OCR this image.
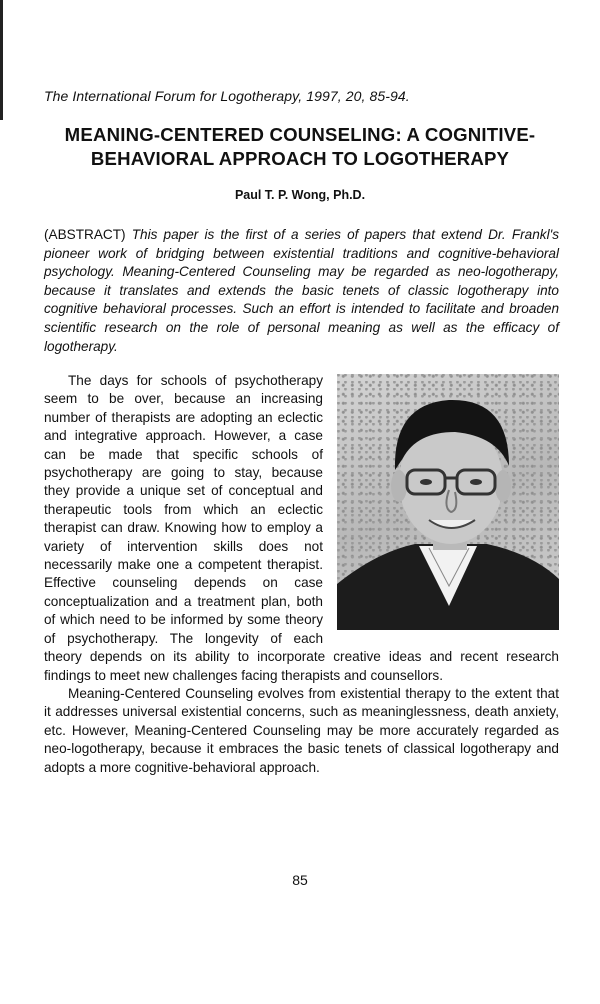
The International Forum for Logotherapy, 1997, 20, 85-94.
MEANING-CENTERED COUNSELING: A COGNITIVE-BEHAVIORAL APPROACH TO LOGOTHERAPY
Paul T. P. Wong, Ph.D.
(ABSTRACT) This paper is the first of a series of papers that extend Dr. Frankl's pioneer work of bridging between existential traditions and cognitive-behavioral psychology. Meaning-Centered Counseling may be regarded as neo-logotherapy, because it translates and extends the basic tenets of classic logotherapy into cognitive behavioral processes. Such an effort is intended to facilitate and broaden scientific research on the role of personal meaning as well as the efficacy of logotherapy.

The days for schools of psychotherapy seem to be over, because an increasing number of therapists are adopting an eclectic and integrative approach. However, a case can be made that specific schools of psychotherapy are going to stay, because they provide a unique set of conceptual and therapeutic tools from which an eclectic therapist can draw. Knowing how to employ a variety of intervention skills does not necessarily make one a competent therapist. Effective counseling depends on case conceptualization and a treatment plan, both of which need to be informed by some theory of psychotherapy. The longevity of each theory depends on its ability to incorporate creative ideas and recent research findings to meet new challenges facing therapists and counsellors.

Meaning-Centered Counseling evolves from existential therapy to the extent that it addresses universal existential concerns, such as meaninglessness, death anxiety, etc. However, Meaning-Centered Counseling may be more accurately regarded as neo-logotherapy, because it embraces the basic tenets of classical logotherapy and adopts a more cognitive-behavioral approach.

85
